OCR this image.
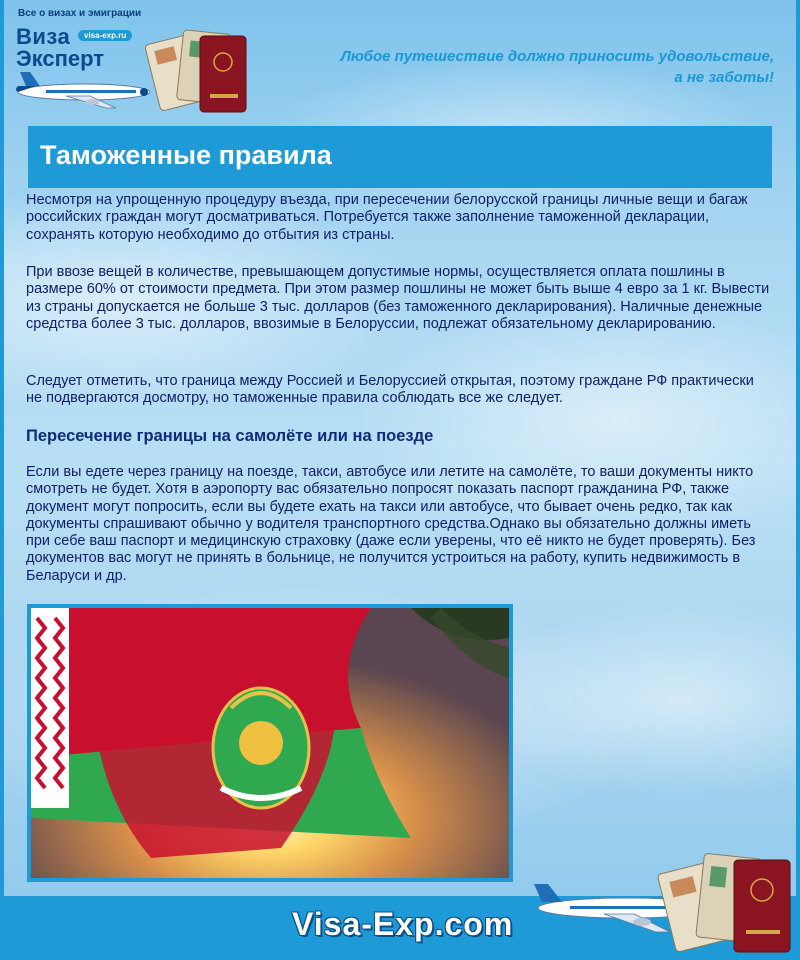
Все о визах и эмиграции
Виза
Эксперт
visa-exp.ru
Любое путешествие должно приносить удовольствие,
а не заботы!
Таможенные правила

Несмотря на упрощенную процедуру въезда, при пересечении белорусской границы личные вещи и багаж российских граждан могут досматриваться. Потребуется также заполнение таможенной декларации, сохранять которую необходимо до отбытия из страны.

При ввозе вещей в количестве, превышающем допустимые нормы, осуществляется оплата пошлины в размере 60% от стоимости предмета. При этом размер пошлины не может быть выше 4 евро за 1 кг. Вывести из страны допускается не больше 3 тыс. долларов (без таможенного декларирования). Наличные денежные средства более 3 тыс. долларов, ввозимые в Белоруссии, подлежат обязательному декларированию.

Следует отметить, что граница между Россией и Белоруссией открытая, поэтому граждане РФ практически не подвергаются досмотру, но таможенные правила соблюдать все же следует.

Пересечение границы на самолёте или на поезде

Если вы едете через границу на поезде, такси, автобусе или летите на самолёте, то ваши документы никто смотреть не будет. Хотя в аэропорту вас обязательно попросят показать паспорт гражданина РФ, также документ могут попросить, если вы будете ехать на такси или автобусе, что бывает очень редко, так как документы спрашивают обычно у водителя транспортного средства.Однако вы обязательно должны иметь при себе ваш паспорт и медицинскую страховку (даже если уверены, что её никто не будет проверять). Без документов вас могут не принять в больнице, не получится устроиться на работу, купить недвижимость в Беларуси и др.

Visa-Exp.com
